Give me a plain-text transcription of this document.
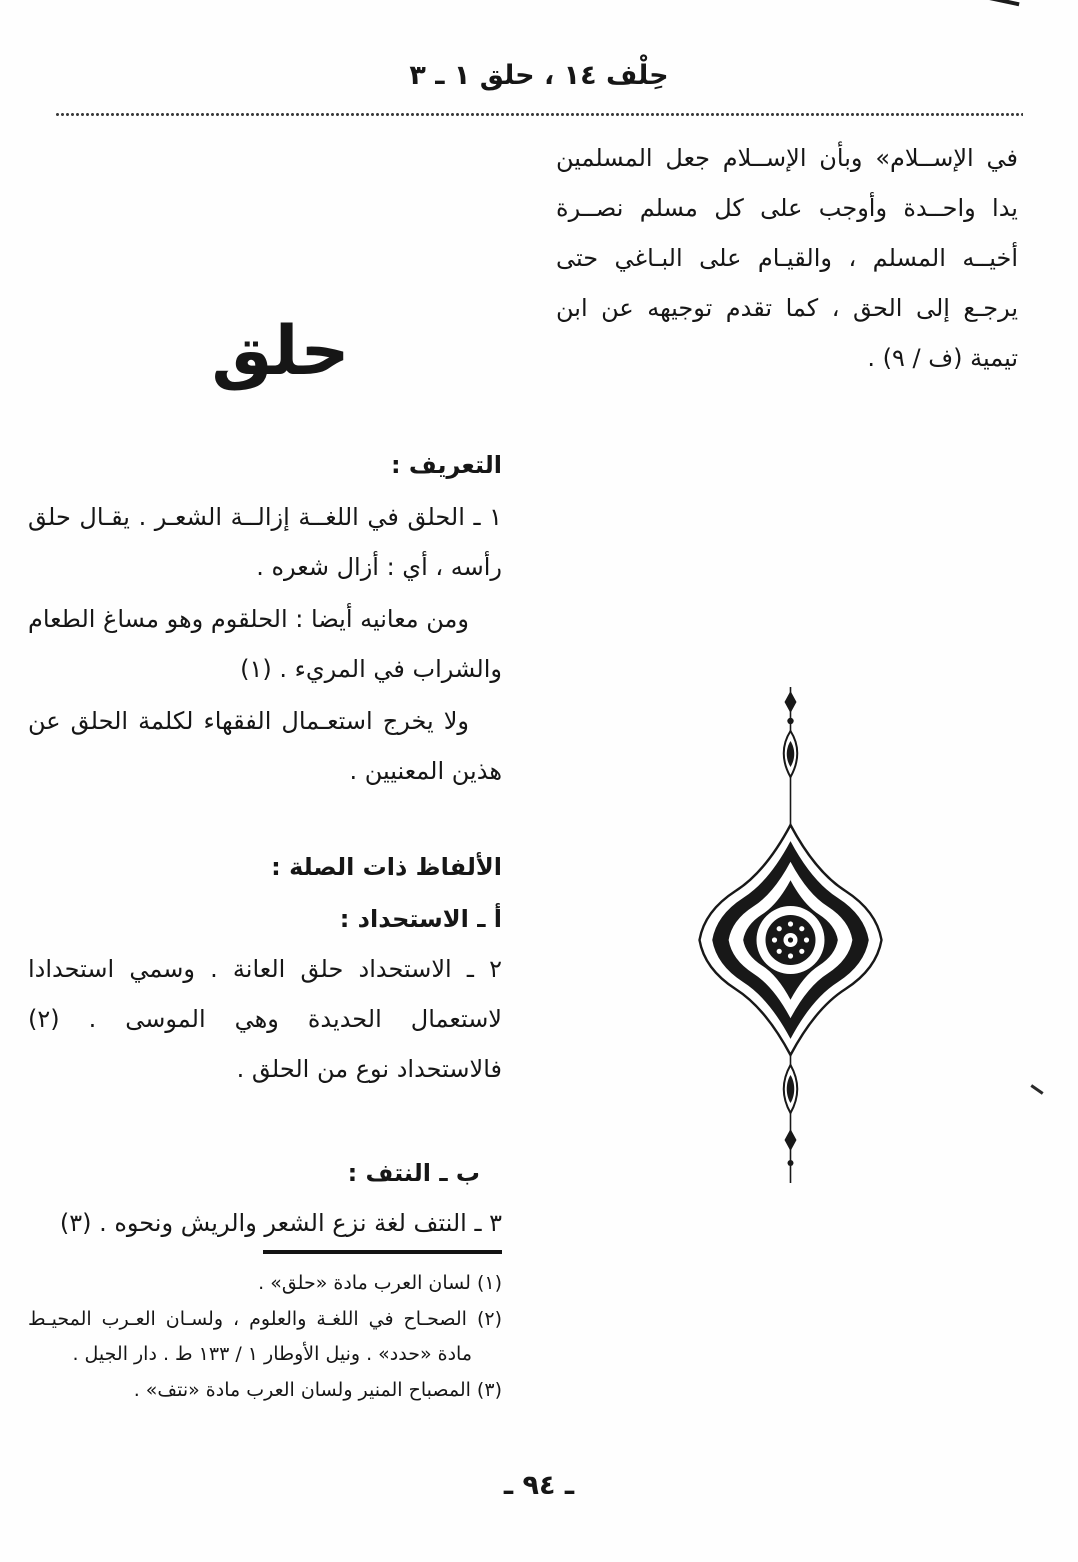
حِلْف ١٤ ، حلق ١ ـ ٣
في الإســلام» وبأن الإســلام جعل المسلمين يدا واحــدة وأوجب على كل مسلم نصــرة أخيــه المسلم ، والقيـام على البـاغي حتى يرجـع إلى الحق ، كما تقدم توجيهه عن ابن تيمية (ف / ٩) .
حلق
التعريف :
١ ـ الحلق في اللغــة إزالــة الشعـر . يقـال حلق رأسه ، أي : أزال شعره .
ومن معانيه أيضا : الحلقوم وهو مساغ الطعام والشراب في المريء . (١)
ولا يخرج استعـمال الفقهاء لكلمة الحلق عن هذين المعنيين .
الألفاظ ذات الصلة :
أ ـ الاستحداد :
٢ ـ الاستحداد حلق العانة . وسمي استحدادا لاستعمال الحديدة وهي الموسى . (٢) فالاستحداد نوع من الحلق .
ب ـ النتف :
٣ ـ النتف لغة نزع الشعر والريش ونحوه . (٣)
(١) لسان العرب مادة «حلق» .
(٢) الصحـاح في اللغـة والعلوم ، ولسـان العـرب المحيـط مادة «حدد» . ونيل الأوطار ١ / ١٣٣ ط . دار الجيل .
(٣) المصباح المنير ولسان العرب مادة «نتف» .
ـ ٩٤ ـ
